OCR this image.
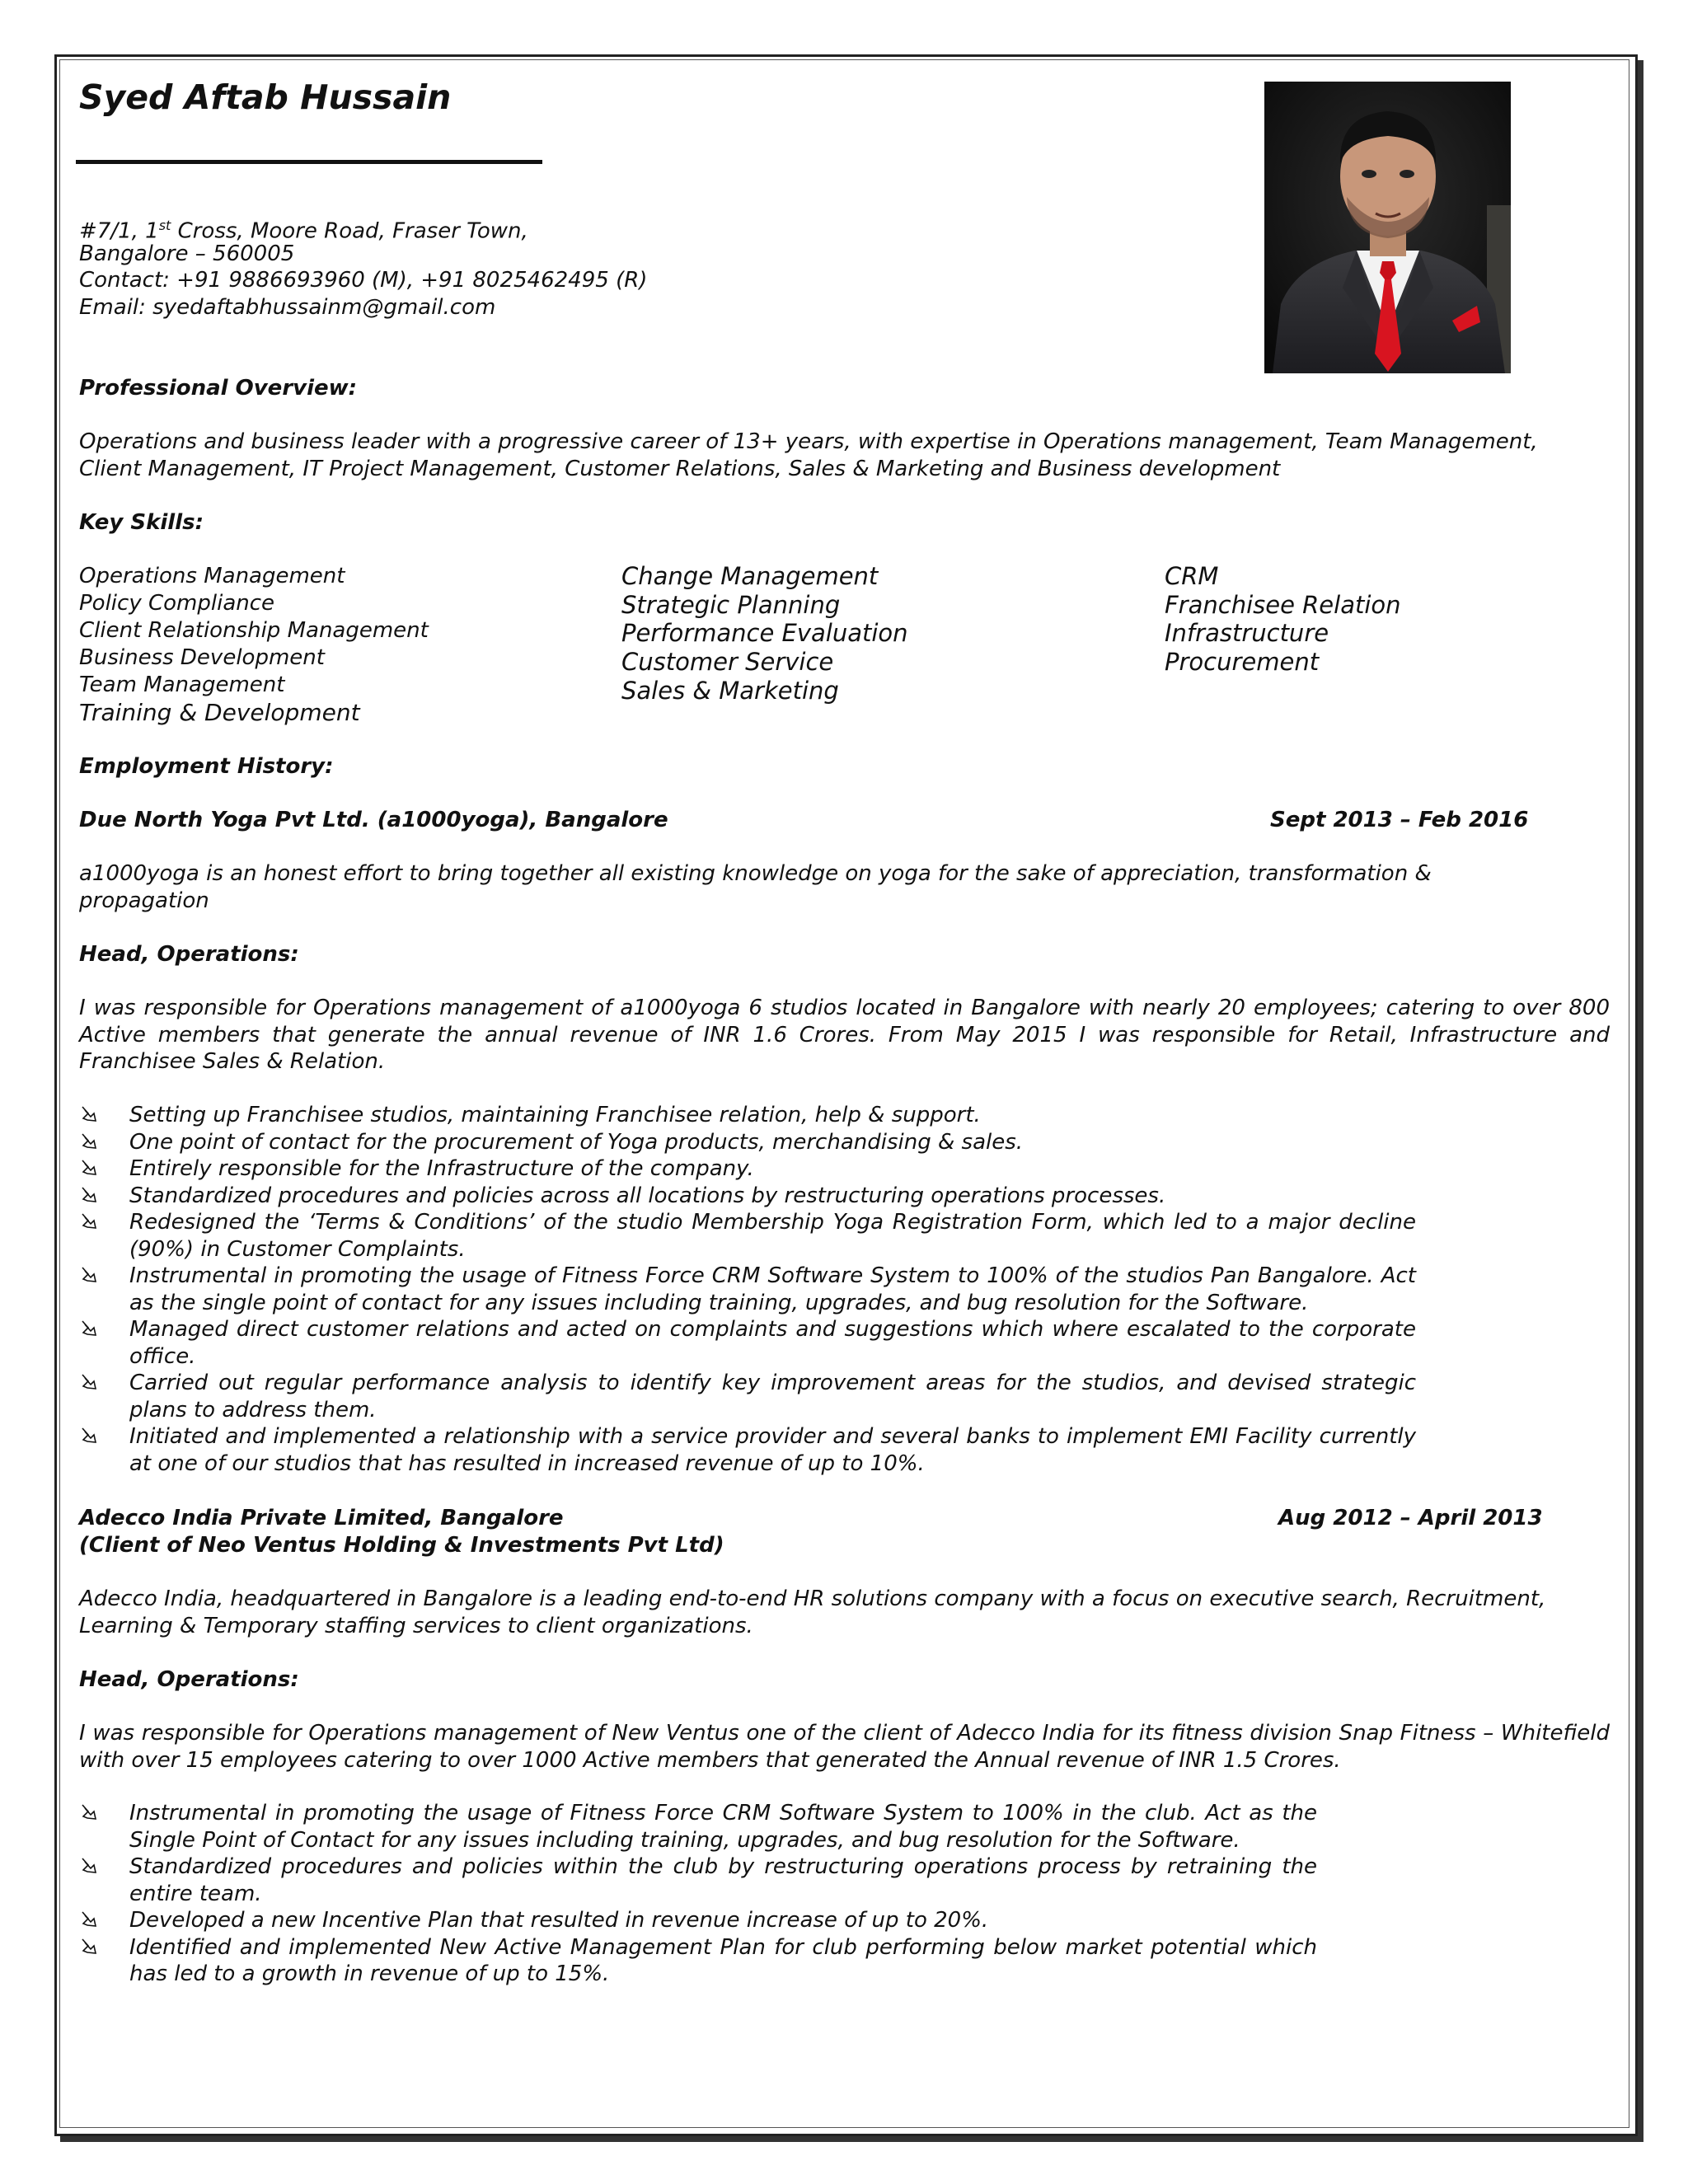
Syed Aftab Hussain
#7/1, 1st Cross, Moore Road, Fraser Town,
Bangalore – 560005
Contact: +91 9886693960 (M), +91 8025462495 (R)
Email: syedaftabhussainm@gmail.com
Professional Overview:
Operations and business leader with a progressive career of 13+ years, with expertise in Operations management, Team Management,
Client Management, IT Project Management, Customer Relations, Sales & Marketing and Business development
Key Skills:
Operations Management
Policy Compliance
Client Relationship Management
Business Development
Team Management
Training & Development
Change Management
Strategic Planning
Performance Evaluation
Customer Service
Sales & Marketing
CRM
Franchisee Relation
Infrastructure
Procurement
Employment History:
Due North Yoga Pvt Ltd. (a1000yoga), Bangalore	Sept 2013 – Feb 2016
a1000yoga is an honest effort to bring together all existing knowledge on yoga for the sake of appreciation, transformation &
propagation
Head, Operations:
I was responsible for Operations management of a1000yoga 6 studios located in Bangalore with nearly 20 employees; catering to over 800 Active members that generate the annual revenue of INR 1.6 Crores. From May 2015 I was responsible for Retail, Infrastructure and Franchisee Sales & Relation.
Setting up Franchisee studios, maintaining Franchisee relation, help & support.
One point of contact for the procurement of Yoga products, merchandising & sales.
Entirely responsible for the Infrastructure of the company.
Standardized procedures and policies across all locations by restructuring operations processes.
Redesigned the ‘Terms & Conditions’ of the studio Membership Yoga Registration Form, which led to a major decline (90%) in Customer Complaints.
Instrumental in promoting the usage of Fitness Force CRM Software System to 100% of the studios Pan Bangalore. Act as the single point of contact for any issues including training, upgrades, and bug resolution for the Software.
Managed direct customer relations and acted on complaints and suggestions which where escalated to the corporate office.
Carried out regular performance analysis to identify key improvement areas for the studios, and devised strategic plans to address them.
Initiated and implemented a relationship with a service provider and several banks to implement EMI Facility currently at one of our studios that has resulted in increased revenue of up to 10%.
Adecco India Private Limited, Bangalore	Aug 2012 – April 2013
(Client of Neo Ventus Holding & Investments Pvt Ltd)
Adecco India, headquartered in Bangalore is a leading end-to-end HR solutions company with a focus on executive search, Recruitment,
Learning & Temporary staffing services to client organizations.
Head, Operations:
I was responsible for Operations management of New Ventus one of the client of Adecco India for its fitness division Snap Fitness – Whitefield with over 15 employees catering to over 1000 Active members that generated the Annual revenue of INR 1.5 Crores.
Instrumental in promoting the usage of Fitness Force CRM Software System to 100% in the club. Act as the Single Point of Contact for any issues including training, upgrades, and bug resolution for the Software.
Standardized procedures and policies within the club by restructuring operations process by retraining the entire team.
Developed a new Incentive Plan that resulted in revenue increase of up to 20%.
Identified and implemented New Active Management Plan for club performing below market potential which has led to a growth in revenue of up to 15%.
